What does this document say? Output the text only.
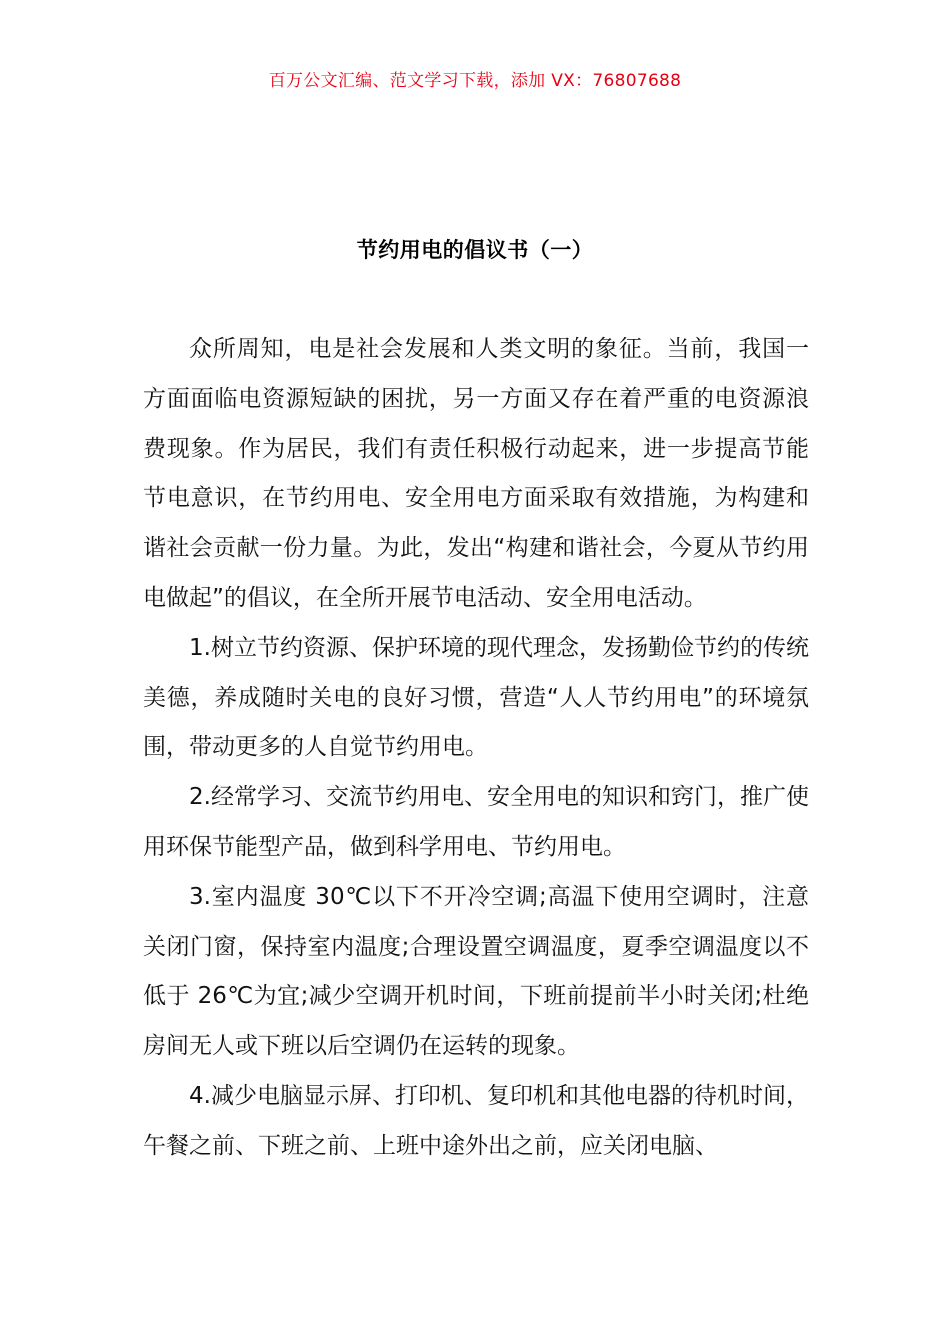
百万公文汇编、范文学习下载，添加 VX：76807688
节约用电的倡议书（一）

众所周知，电是社会发展和人类文明的象征。当前，我国一方面面临电资源短缺的困扰，另一方面又存在着严重的电资源浪费现象。作为居民，我们有责任积极行动起来，进一步提高节能节电意识，在节约用电、安全用电方面采取有效措施，为构建和谐社会贡献一份力量。为此，发出“构建和谐社会，今夏从节约用电做起”的倡议，在全所开展节电活动、安全用电活动。

1.树立节约资源、保护环境的现代理念，发扬勤俭节约的传统美德，养成随时关电的良好习惯，营造“人人节约用电”的环境氛围，带动更多的人自觉节约用电。

2.经常学习、交流节约用电、安全用电的知识和窍门，推广使用环保节能型产品，做到科学用电、节约用电。

3.室内温度 30℃以下不开冷空调;高温下使用空调时，注意关闭门窗，保持室内温度;合理设置空调温度，夏季空调温度以不低于 26℃为宜;减少空调开机时间，下班前提前半小时关闭;杜绝房间无人或下班以后空调仍在运转的现象。

4.减少电脑显示屏、打印机、复印机和其他电器的待机时间，午餐之前、下班之前、上班中途外出之前，应关闭电脑、
